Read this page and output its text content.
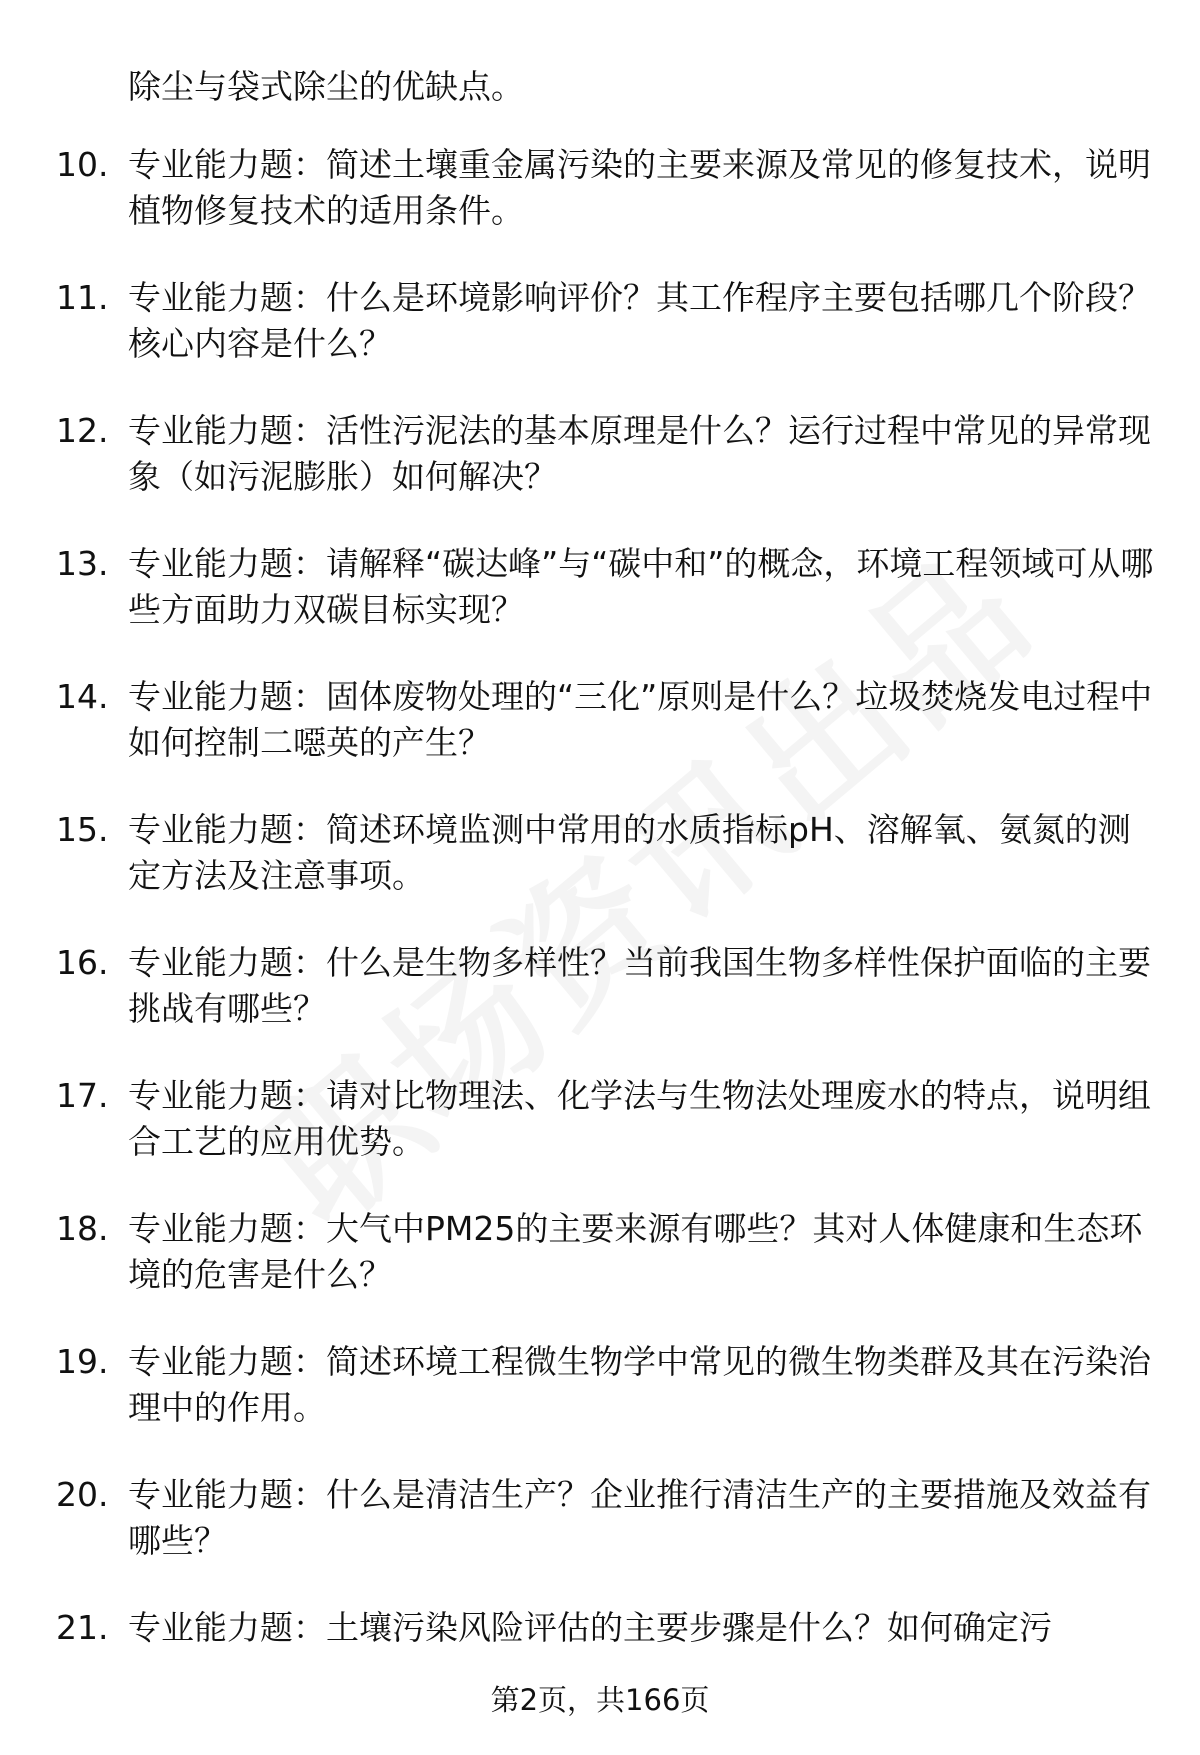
除尘与袋式除尘的优缺点。
10. 专业能力题：简述土壤重金属污染的主要来源及常见的修复技术，说明植物修复技术的适用条件。
11. 专业能力题：什么是环境影响评价？其工作程序主要包括哪几个阶段？核心内容是什么？
12. 专业能力题：活性污泥法的基本原理是什么？运行过程中常见的异常现象（如污泥膨胀）如何解决？
13. 专业能力题：请解释“碳达峰”与“碳中和”的概念，环境工程领域可从哪些方面助力双碳目标实现？
14. 专业能力题：固体废物处理的“三化”原则是什么？垃圾焚烧发电过程中如何控制二噁英的产生？
15. 专业能力题：简述环境监测中常用的水质指标pH、溶解氧、氨氮的测定方法及注意事项。
16. 专业能力题：什么是生物多样性？当前我国生物多样性保护面临的主要挑战有哪些？
17. 专业能力题：请对比物理法、化学法与生物法处理废水的特点，说明组合工艺的应用优势。
18. 专业能力题：大气中PM25的主要来源有哪些？其对人体健康和生态环境的危害是什么？
19. 专业能力题：简述环境工程微生物学中常见的微生物类群及其在污染治理中的作用。
20. 专业能力题：什么是清洁生产？企业推行清洁生产的主要措施及效益有哪些？
21. 专业能力题：土壤污染风险评估的主要步骤是什么？如何确定污
第2页，共166页
